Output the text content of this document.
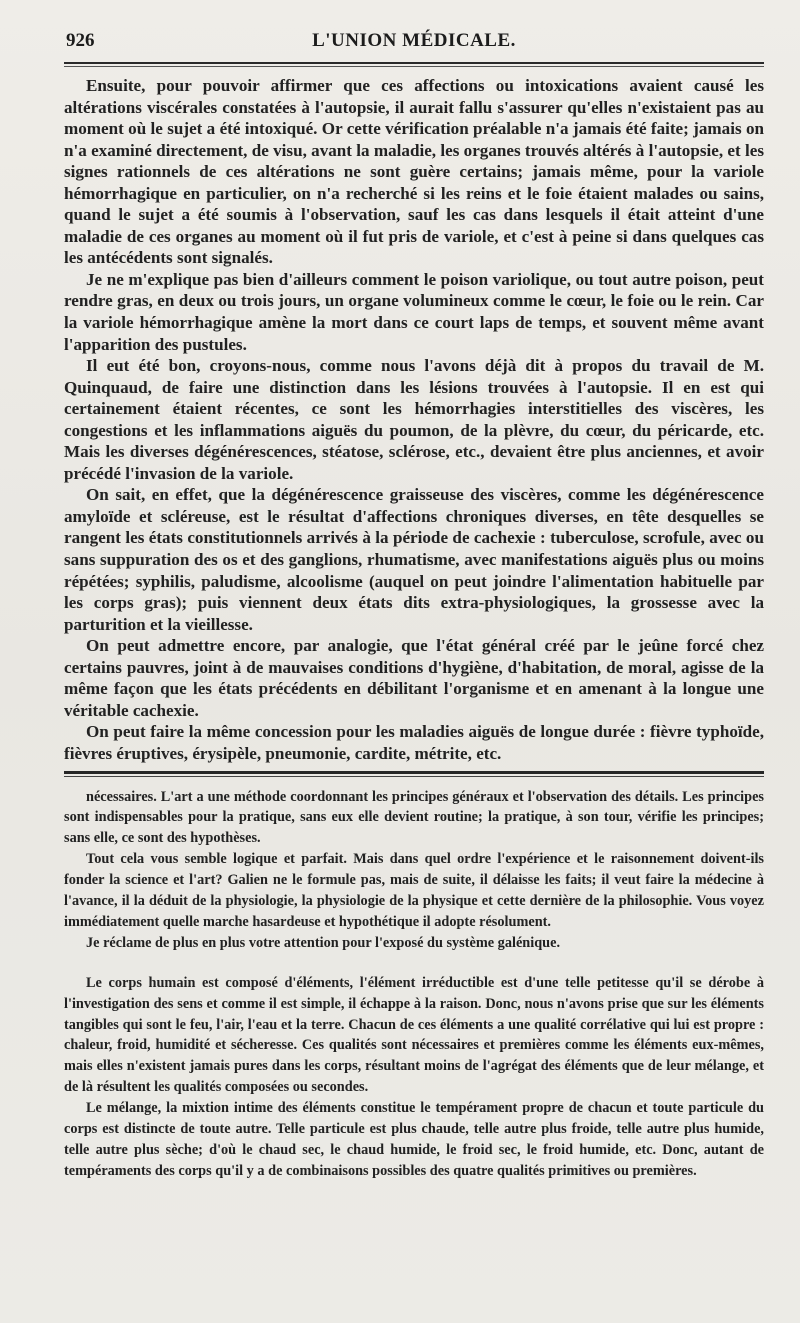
926	L'UNION MÉDICALE.

Ensuite, pour pouvoir affirmer que ces affections ou intoxications avaient causé les altérations viscérales constatées à l'autopsie, il aurait fallu s'assurer qu'elles n'existaient pas au moment où le sujet a été intoxiqué. Or cette vérification préalable n'a jamais été faite; jamais on n'a examiné directement, de visu, avant la maladie, les organes trouvés altérés à l'autopsie, et les signes rationnels de ces altérations ne sont guère certains; jamais même, pour la variole hémorrhagique en particulier, on n'a recherché si les reins et le foie étaient malades ou sains, quand le sujet a été soumis à l'observation, sauf les cas dans lesquels il était atteint d'une maladie de ces organes au moment où il fut pris de variole, et c'est à peine si dans quelques cas les antécédents sont signalés.

Je ne m'explique pas bien d'ailleurs comment le poison variolique, ou tout autre poison, peut rendre gras, en deux ou trois jours, un organe volumineux comme le cœur, le foie ou le rein. Car la variole hémorrhagique amène la mort dans ce court laps de temps, et souvent même avant l'apparition des pustules.

Il eut été bon, croyons-nous, comme nous l'avons déjà dit à propos du travail de M. Quinquaud, de faire une distinction dans les lésions trouvées à l'autopsie. Il en est qui certainement étaient récentes, ce sont les hémorrhagies interstitielles des viscères, les congestions et les inflammations aiguës du poumon, de la plèvre, du cœur, du péricarde, etc. Mais les diverses dégénérescences, stéatose, sclérose, etc., devaient être plus anciennes, et avoir précédé l'invasion de la variole.

On sait, en effet, que la dégénérescence graisseuse des viscères, comme les dégénérescence amyloïde et scléreuse, est le résultat d'affections chroniques diverses, en tête desquelles se rangent les états constitutionnels arrivés à la période de cachexie : tuberculose, scrofule, avec ou sans suppuration des os et des ganglions, rhumatisme, avec manifestations aiguës plus ou moins répétées; syphilis, paludisme, alcoolisme (auquel on peut joindre l'alimentation habituelle par les corps gras); puis viennent deux états dits extra-physiologiques, la grossesse avec la parturition et la vieillesse.

On peut admettre encore, par analogie, que l'état général créé par le jeûne forcé chez certains pauvres, joint à de mauvaises conditions d'hygiène, d'habitation, de moral, agisse de la même façon que les états précédents en débilitant l'organisme et en amenant à la longue une véritable cachexie.

On peut faire la même concession pour les maladies aiguës de longue durée : fièvre typhoïde, fièvres éruptives, érysipèle, pneumonie, cardite, métrite, etc.

nécessaires. L'art a une méthode coordonnant les principes généraux et l'observation des détails. Les principes sont indispensables pour la pratique, sans eux elle devient routine; la pratique, à son tour, vérifie les principes; sans elle, ce sont des hypothèses.

Tout cela vous semble logique et parfait. Mais dans quel ordre l'expérience et le raisonnement doivent-ils fonder la science et l'art? Galien ne le formule pas, mais de suite, il délaisse les faits; il veut faire la médecine à l'avance, il la déduit de la physiologie, la physiologie de la physique et cette dernière de la philosophie. Vous voyez immédiatement quelle marche hasardeuse et hypothétique il adopte résolument.

Je réclame de plus en plus votre attention pour l'exposé du système galénique.

Le corps humain est composé d'éléments, l'élément irréductible est d'une telle petitesse qu'il se dérobe à l'investigation des sens et comme il est simple, il échappe à la raison. Donc, nous n'avons prise que sur les éléments tangibles qui sont le feu, l'air, l'eau et la terre. Chacun de ces éléments a une qualité corrélative qui lui est propre : chaleur, froid, humidité et sécheresse. Ces qualités sont nécessaires et premières comme les éléments eux-mêmes, mais elles n'existent jamais pures dans les corps, résultant moins de l'agrégat des éléments que de leur mélange, et de là résultent les qualités composées ou secondes.

Le mélange, la mixtion intime des éléments constitue le tempérament propre de chacun et toute particule du corps est distincte de toute autre. Telle particule est plus chaude, telle autre plus froide, telle autre plus humide, telle autre plus sèche; d'où le chaud sec, le chaud humide, le froid sec, le froid humide, etc. Donc, autant de tempéraments des corps qu'il y a de combinaisons possibles des quatre qualités primitives ou premières.
